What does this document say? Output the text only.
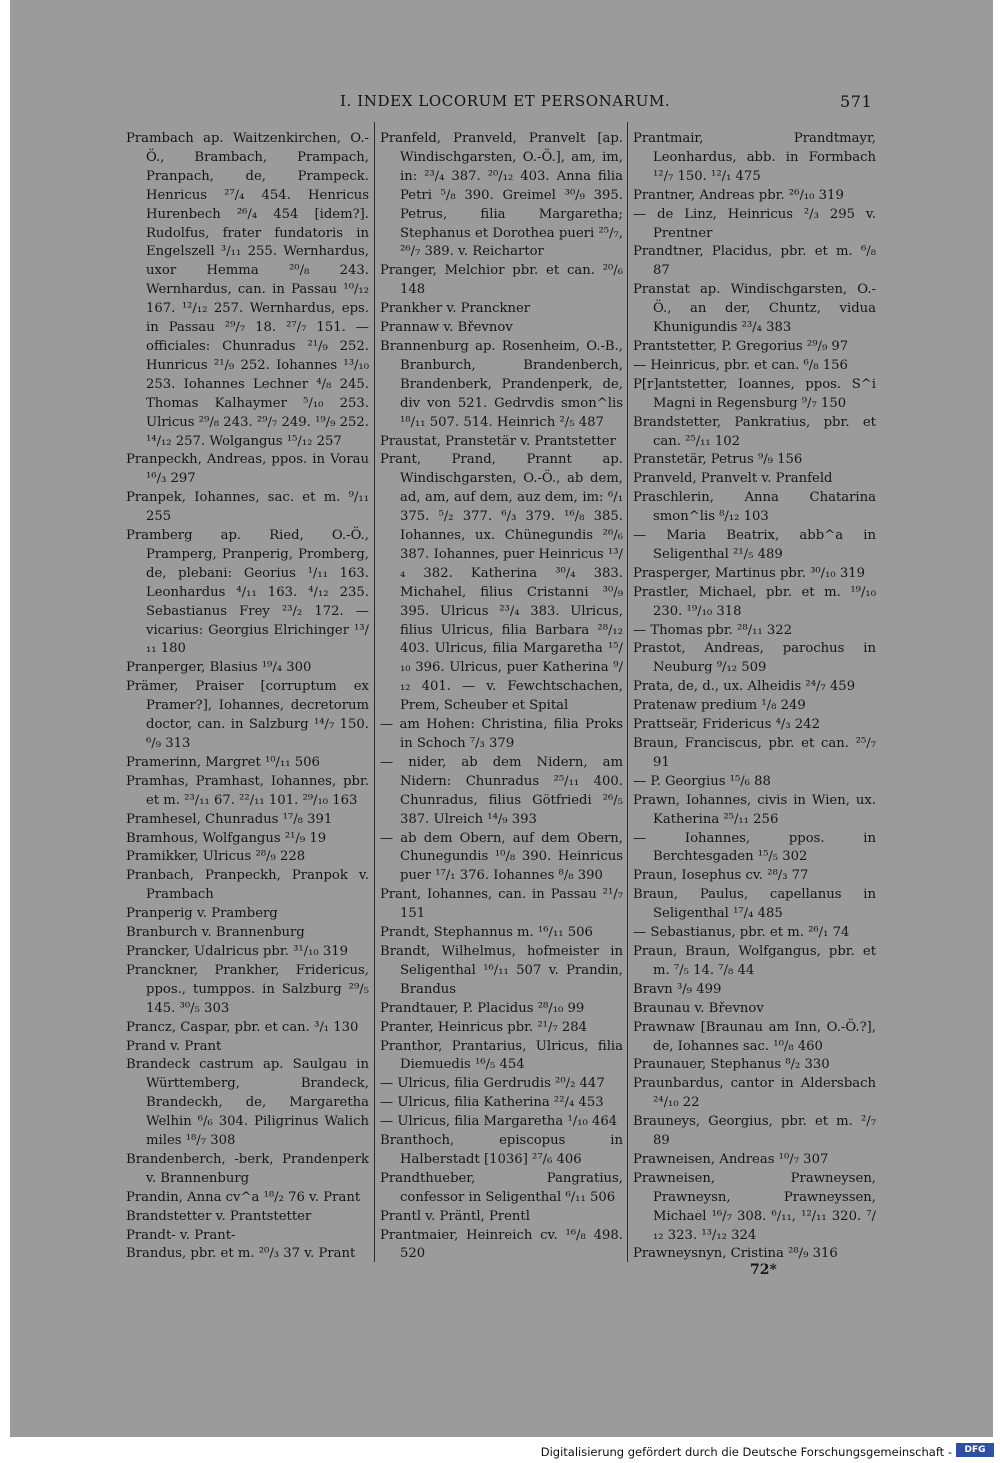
I. INDEX LOCORUM ET PERSONARUM.	571
Prambach ap. Waitzenkirchen, O.-Ö., Brambach, Prampach, Pranpach, de, Prampeck. Henricus ²⁷/₄ 454. Henricus Hurenbech ²⁶/₄ 454 [idem?]. Rudolfus, frater fundatoris in Engelszell ³/₁₁ 255. Wernhardus, uxor Hemma ²⁰/₈ 243. Wernhardus, can. in Passau ¹⁰/₁₂ 167. ¹²/₁₂ 257. Wernhardus, eps. in Passau ²⁹/₇ 18. ²⁷/₇ 151. — officiales: Chunradus ²¹/₉ 252. Hunricus ²¹/₉ 252. Iohannes ¹³/₁₀ 253. Iohannes Lechner ⁴/₈ 245. Thomas Kalhaymer ⁵/₁₀ 253. Ulricus ²⁹/₈ 243. ²⁹/₇ 249. ¹⁹/₉ 252. ¹⁴/₁₂ 257. Wolgangus ¹⁵/₁₂ 257
Pranpeckh, Andreas, ppos. in Vorau ¹⁶/₃ 297
Pranpek, Iohannes, sac. et m. ⁹/₁₁ 255
Pramberg ap. Ried, O.-Ö., Pramperg, Pranperig, Promberg, de, plebani: Georius ¹/₁₁ 163. Leonhardus ⁴/₁₁ 163. ⁴/₁₂ 235. Sebastianus Frey ²³/₂ 172. — vicarius: Georgius Elrichinger ¹³/₁₁ 180
Pranperger, Blasius ¹⁹/₄ 300
Prämer, Praiser [corruptum ex Pramer?], Iohannes, decretorum doctor, can. in Salzburg ¹⁴/₇ 150. ⁶/₉ 313
Pramerinn, Margret ¹⁰/₁₁ 506
Pramhas, Pramhast, Iohannes, pbr. et m. ²³/₁₁ 67. ²²/₁₁ 101. ²⁹/₁₀ 163
Pramhesel, Chunradus ¹⁷/₈ 391
Bramhous, Wolfgangus ²¹/₉ 19
Pramikker, Ulricus ²⁸/₉ 228
Pranbach, Pranpeckh, Pranpok v. Prambach
Pranperig v. Pramberg
Branburch v. Brannenburg
Prancker, Udalricus pbr. ³¹/₁₀ 319
Pranckner, Prankher, Fridericus, ppos., tumppos. in Salzburg ²⁹/₅ 145. ³⁰/₅ 303
Prancz, Caspar, pbr. et can. ³/₁ 130
Prand v. Prant
Brandeck castrum ap. Saulgau in Württemberg, Brandeck, Brandeckh, de, Margaretha Welhin ⁶/₆ 304. Piligrinus Walich miles ¹⁸/₇ 308
Brandenberch, -berk, Prandenperk v. Brannenburg
Prandin, Anna cv^a ¹⁸/₂ 76 v. Prant
Brandstetter v. Prantstetter
Prandt- v. Prant-
Brandus, pbr. et m. ²⁰/₃ 37 v. Prant
Pranfeld, Pranveld, Pranvelt [ap. Windischgarsten, O.-Ö.], am, im, in: ²³/₄ 387. ²⁰/₁₂ 403. Anna filia Petri ⁵/₈ 390. Greimel ³⁰/₉ 395. Petrus, filia Margaretha; Stephanus et Dorothea pueri ²⁵/₇, ²⁶/₇ 389. v. Reichartor
Pranger, Melchior pbr. et can. ²⁰/₆ 148
Prankher v. Pranckner
Prannaw v. Břevnov
Brannenburg ap. Rosenheim, O.-B., Branburch, Brandenberch, Brandenberk, Prandenperk, de, div von 521. Gedrvdis smon^lis ¹⁸/₁₁ 507. 514. Heinrich ²/₅ 487
Praustat, Pranstetär v. Prantstetter
Prant, Prand, Prannt ap. Windischgarsten, O.-Ö., ab dem, ad, am, auf dem, auz dem, im: ⁶/₁ 375. ⁵/₂ 377. ⁶/₃ 379. ¹⁶/₈ 385. Iohannes, ux. Chünegundis ²⁶/₆ 387. Iohannes, puer Heinricus ¹³/₄ 382. Katherina ³⁰/₄ 383. Michahel, filius Cristanni ³⁰/₉ 395. Ulricus ²³/₄ 383. Ulricus, filius Ulricus, filia Barbara ²⁸/₁₂ 403. Ulricus, filia Margaretha ¹⁵/₁₀ 396. Ulricus, puer Katherina ⁹/₁₂ 401. — v. Fewchtschachen, Prem, Scheuber et Spital
— am Hohen: Christina, filia Proks in Schoch ⁷/₃ 379
— nider, ab dem Nidern, am Nidern: Chunradus ²⁵/₁₁ 400. Chunradus, filius Götfriedi ²⁶/₅ 387. Ulreich ¹⁴/₉ 393
— ab dem Obern, auf dem Obern, Chunegundis ¹⁰/₈ 390. Heinricus puer ¹⁷/₁ 376. Iohannes ⁸/₈ 390
Prant, Iohannes, can. in Passau ²¹/₇ 151
Prandt, Stephannus m. ¹⁶/₁₁ 506
Brandt, Wilhelmus, hofmeister in Seligenthal ¹⁶/₁₁ 507 v. Prandin, Brandus
Prandtauer, P. Placidus ²⁸/₁₀ 99
Pranter, Heinricus pbr. ²¹/₇ 284
Pranthor, Prantarius, Ulricus, filia Diemuedis ¹⁶/₅ 454
— Ulricus, filia Gerdrudis ²⁰/₂ 447
— Ulricus, filia Katherina ²²/₄ 453
— Ulricus, filia Margaretha ¹/₁₀ 464
Branthoch, episcopus in Halberstadt [1036] ²⁷/₆ 406
Prandthueber, Pangratius, confessor in Seligenthal ⁶/₁₁ 506
Prantl v. Präntl, Prentl
Prantmaier, Heinreich cv. ¹⁶/₈ 498. 520
Prantmair, Prandtmayr, Leonhardus, abb. in Formbach ¹²/₇ 150. ¹²/₁ 475
Prantner, Andreas pbr. ²⁶/₁₀ 319
— de Linz, Heinricus ²/₃ 295 v. Prentner
Prandtner, Placidus, pbr. et m. ⁶/₈ 87
Pranstat ap. Windischgarsten, O.-Ö., an der, Chuntz, vidua Khunigundis ²³/₄ 383
Prantstetter, P. Gregorius ²⁹/₉ 97
— Heinricus, pbr. et can. ⁶/₈ 156
P[r]antstetter, Ioannes, ppos. S^i Magni in Regensburg ⁹/₇ 150
Brandstetter, Pankratius, pbr. et can. ²⁵/₁₁ 102
Pranstetär, Petrus ⁹/₉ 156
Pranveld, Pranvelt v. Pranfeld
Praschlerin, Anna Chatarina smon^lis ⁸/₁₂ 103
— Maria Beatrix, abb^a in Seligenthal ²¹/₅ 489
Prasperger, Martinus pbr. ³⁰/₁₀ 319
Prastler, Michael, pbr. et m. ¹⁹/₁₀ 230. ¹⁹/₁₀ 318
— Thomas pbr. ²⁸/₁₁ 322
Prastot, Andreas, parochus in Neuburg ⁹/₁₂ 509
Prata, de, d., ux. Alheidis ²⁴/₇ 459
Pratenaw predium ¹/₈ 249
Prattseär, Fridericus ⁴/₃ 242
Braun, Franciscus, pbr. et can. ²⁵/₇ 91
— P. Georgius ¹⁵/₆ 88
Prawn, Iohannes, civis in Wien, ux. Katherina ²⁵/₁₁ 256
— Iohannes, ppos. in Berchtesgaden ¹⁵/₅ 302
Praun, Iosephus cv. ²⁸/₃ 77
Braun, Paulus, capellanus in Seligenthal ¹⁷/₄ 485
— Sebastianus, pbr. et m. ²⁶/₁ 74
Praun, Braun, Wolfgangus, pbr. et m. ⁷/₅ 14. ⁷/₈ 44
Bravn ³/₉ 499
Braunau v. Břevnov
Prawnaw [Braunau am Inn, O.-Ö.?], de, Iohannes sac. ¹⁰/₈ 460
Praunauer, Stephanus ⁸/₂ 330
Praunbardus, cantor in Aldersbach ²⁴/₁₀ 22
Brauneys, Georgius, pbr. et m. ²/₇ 89
Prawneisen, Andreas ¹⁰/₇ 307
Prawneisen, Prawneysen, Prawneysn, Prawneyssen, Michael ¹⁶/₇ 308. ⁶/₁₁, ¹²/₁₁ 320. ⁷/₁₂ 323. ¹³/₁₂ 324
Prawneysnyn, Cristina ²⁸/₉ 316
72*
Digitalisierung gefördert durch die Deutsche Forschungsgemeinschaft -	DFG
